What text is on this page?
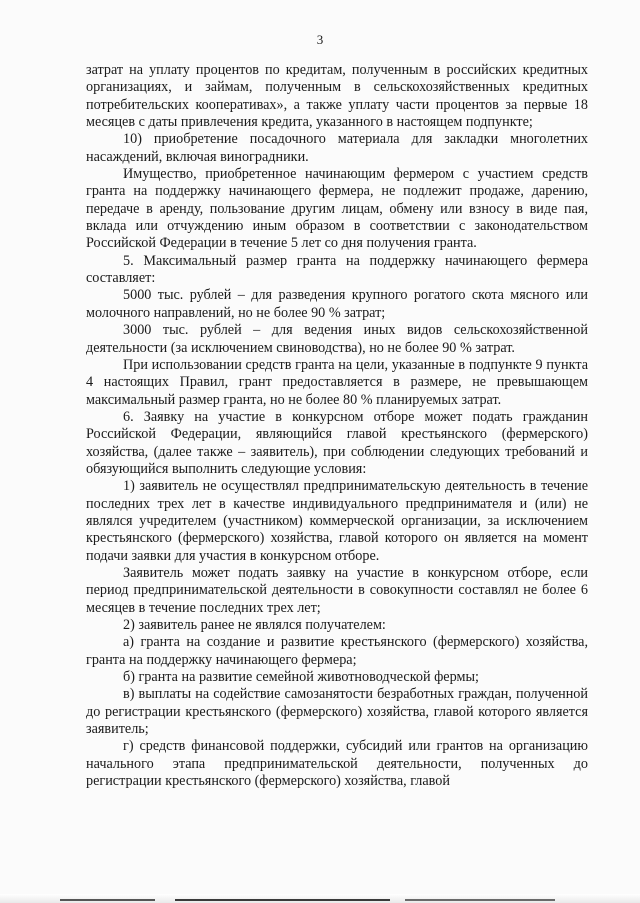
3

затрат на уплату процентов по кредитам, полученным в российских кредитных организациях, и займам, полученным в сельскохозяйственных кредитных потребительских кооперативах», а также уплату части процентов за первые 18 месяцев с даты привлечения кредита, указанного в настоящем подпункте;

10) приобретение посадочного материала для закладки многолетних насаждений, включая виноградники.

Имущество, приобретенное начинающим фермером с участием средств гранта на поддержку начинающего фермера, не подлежит продаже, дарению, передаче в аренду, пользование другим лицам, обмену или взносу в виде пая, вклада или отчуждению иным образом в соответствии с законодательством Российской Федерации в течение 5 лет со дня получения гранта.

5. Максимальный размер гранта на поддержку начинающего фермера составляет:

5000 тыс. рублей – для разведения крупного рогатого скота мясного или молочного направлений, но не более 90 % затрат;

3000 тыс. рублей – для ведения иных видов сельскохозяйственной деятельности (за исключением свиноводства), но не более 90 % затрат.

При использовании средств гранта на цели, указанные в подпункте 9 пункта 4 настоящих Правил, грант предоставляется в размере, не превышающем максимальный размер гранта, но не более 80 % планируемых затрат.

6. Заявку на участие в конкурсном отборе может подать гражданин Российской Федерации, являющийся главой крестьянского (фермерского) хозяйства, (далее также – заявитель), при соблюдении следующих требований и обязующийся выполнить следующие условия:

1) заявитель не осуществлял предпринимательскую деятельность в течение последних трех лет в качестве индивидуального предпринимателя и (или) не являлся учредителем (участником) коммерческой организации, за исключением крестьянского (фермерского) хозяйства, главой которого он является на момент подачи заявки для участия в конкурсном отборе.

Заявитель может подать заявку на участие в конкурсном отборе, если период предпринимательской деятельности в совокупности составлял не более 6 месяцев в течение последних трех лет;

2) заявитель ранее не являлся получателем:

а) гранта на создание и развитие крестьянского (фермерского) хозяйства, гранта на поддержку начинающего фермера;

б) гранта на развитие семейной животноводческой фермы;

в) выплаты на содействие самозанятости безработных граждан, полученной до регистрации крестьянского (фермерского) хозяйства, главой которого является заявитель;

г) средств финансовой поддержки, субсидий или грантов на организацию начального этапа предпринимательской деятельности, полученных до регистрации крестьянского (фермерского) хозяйства, главой
